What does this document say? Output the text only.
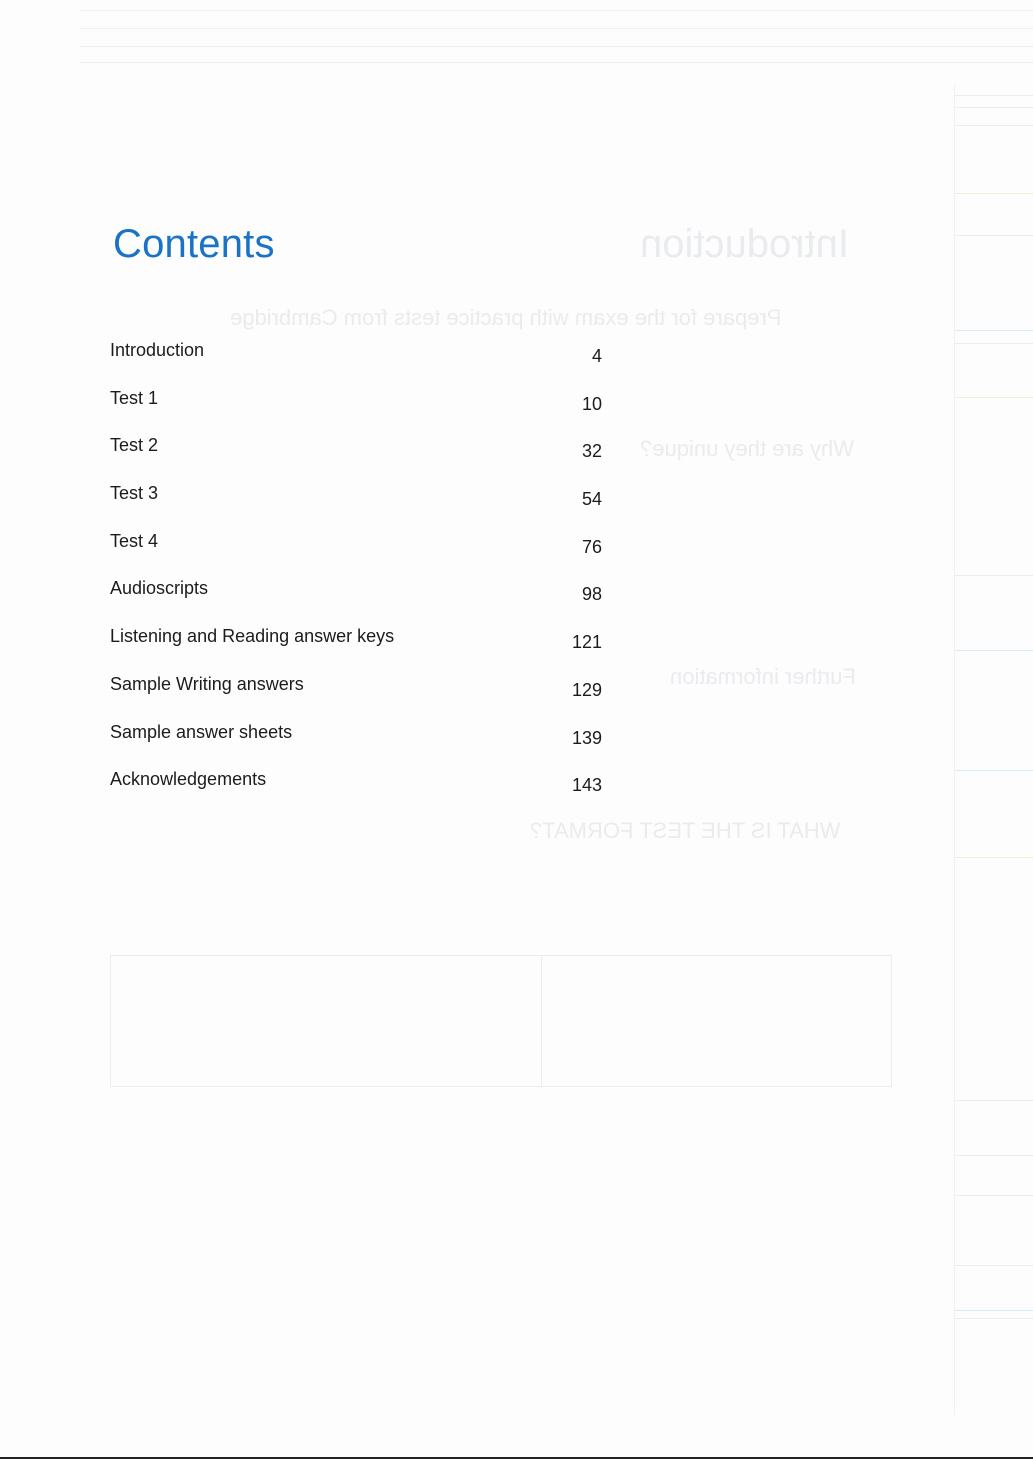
Introduction
Prepare for the exam with practice tests from Cambridge
Why are they unique?
Further information
WHAT IS THE TEST FORMAT?
Contents
Introduction	4
Test 1	10
Test 2	32
Test 3	54
Test 4	76
Audioscripts	98
Listening and Reading answer keys	121
Sample Writing answers	129
Sample answer sheets	139
Acknowledgements	143
